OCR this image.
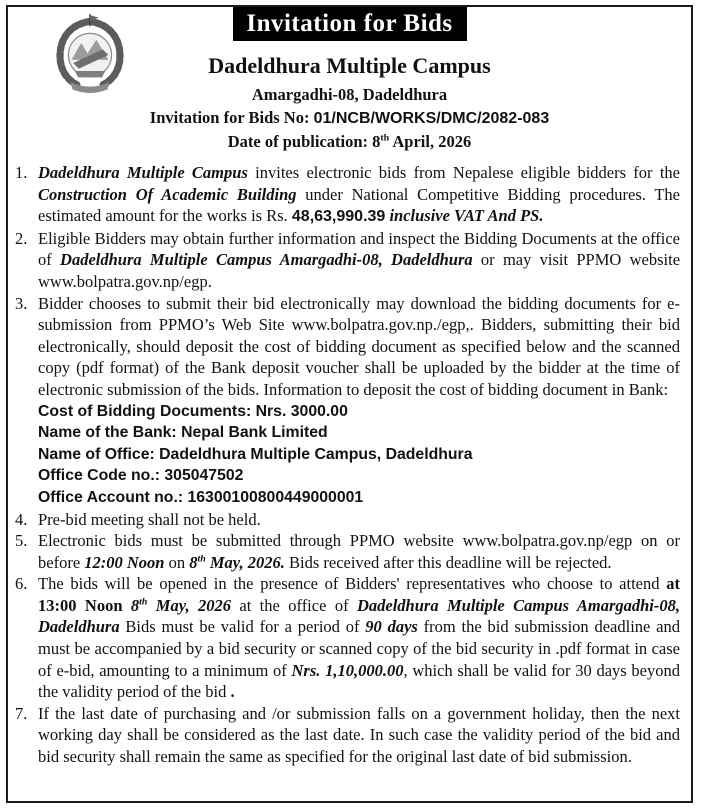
Invitation for Bids
Dadeldhura Multiple Campus
Amargadhi-08, Dadeldhura
Invitation for Bids No: 01/NCB/WORKS/DMC/2082-083
Date of publication: 8th April, 2026
1. Dadeldhura Multiple Campus invites electronic bids from Nepalese eligible bidders for the Construction Of Academic Building under National Competitive Bidding procedures. The estimated amount for the works is Rs. 48,63,990.39 inclusive VAT And PS.
2. Eligible Bidders may obtain further information and inspect the Bidding Documents at the office of Dadeldhura Multiple Campus Amargadhi-08, Dadeldhura or may visit PPMO website www.bolpatra.gov.np/egp.
3. Bidder chooses to submit their bid electronically may download the bidding documents for e-submission from PPMO’s Web Site www.bolpatra.gov.np./egp,. Bidders, submitting their bid electronically, should deposit the cost of bidding document as specified below and the scanned copy (pdf format) of the Bank deposit voucher shall be uploaded by the bidder at the time of electronic submission of the bids. Information to deposit the cost of bidding document in Bank:
Cost of Bidding Documents: Nrs. 3000.00
Name of the Bank: Nepal Bank Limited
Name of Office: Dadeldhura Multiple Campus, Dadeldhura
Office Code no.: 305047502
Office Account no.: 16300100800449000001
4. Pre-bid meeting shall not be held.
5. Electronic bids must be submitted through PPMO website www.bolpatra.gov.np/egp on or before 12:00 Noon on 8th May, 2026. Bids received after this deadline will be rejected.
6. The bids will be opened in the presence of Bidders' representatives who choose to attend at 13:00 Noon 8th May, 2026 at the office of Dadeldhura Multiple Campus Amargadhi-08, Dadeldhura Bids must be valid for a period of 90 days from the bid submission deadline and must be accompanied by a bid security or scanned copy of the bid security in .pdf format in case of e-bid, amounting to a minimum of Nrs. 1,10,000.00, which shall be valid for 30 days beyond the validity period of the bid .
7. If the last date of purchasing and /or submission falls on a government holiday, then the next working day shall be considered as the last date. In such case the validity period of the bid and bid security shall remain the same as specified for the original last date of bid submission.
